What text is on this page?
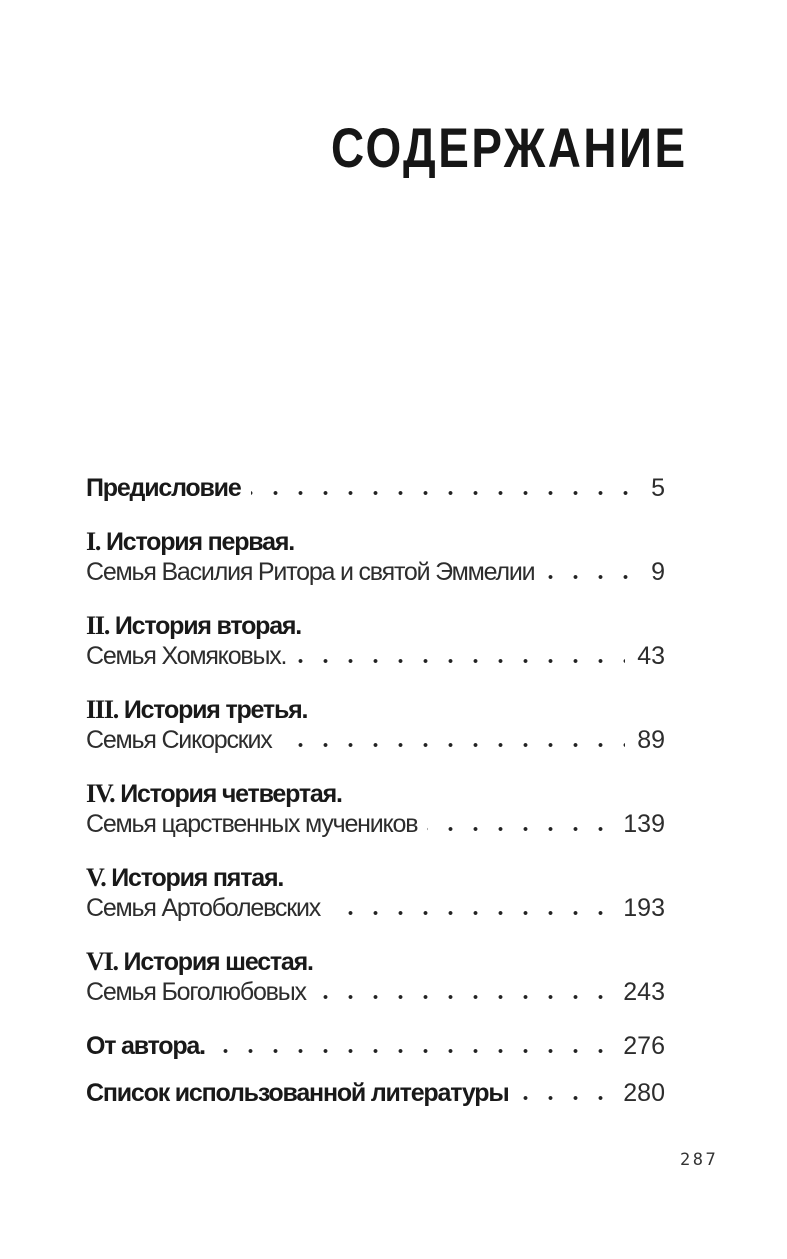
СОДЕРЖАНИЕ
Предисловие	5
I. История первая.
Семья Василия Ритора и святой Эммелии	9
II. История вторая.
Семья Хомяковых.	43
III. История третья.
Семья Сикорских	89
IV. История четвертая.
Семья царственных мучеников	139
V. История пятая.
Семья Артоболевских	193
VI. История шестая.
Семья Боголюбовых	243
От автора.	276
Список использованной литературы	280
287
